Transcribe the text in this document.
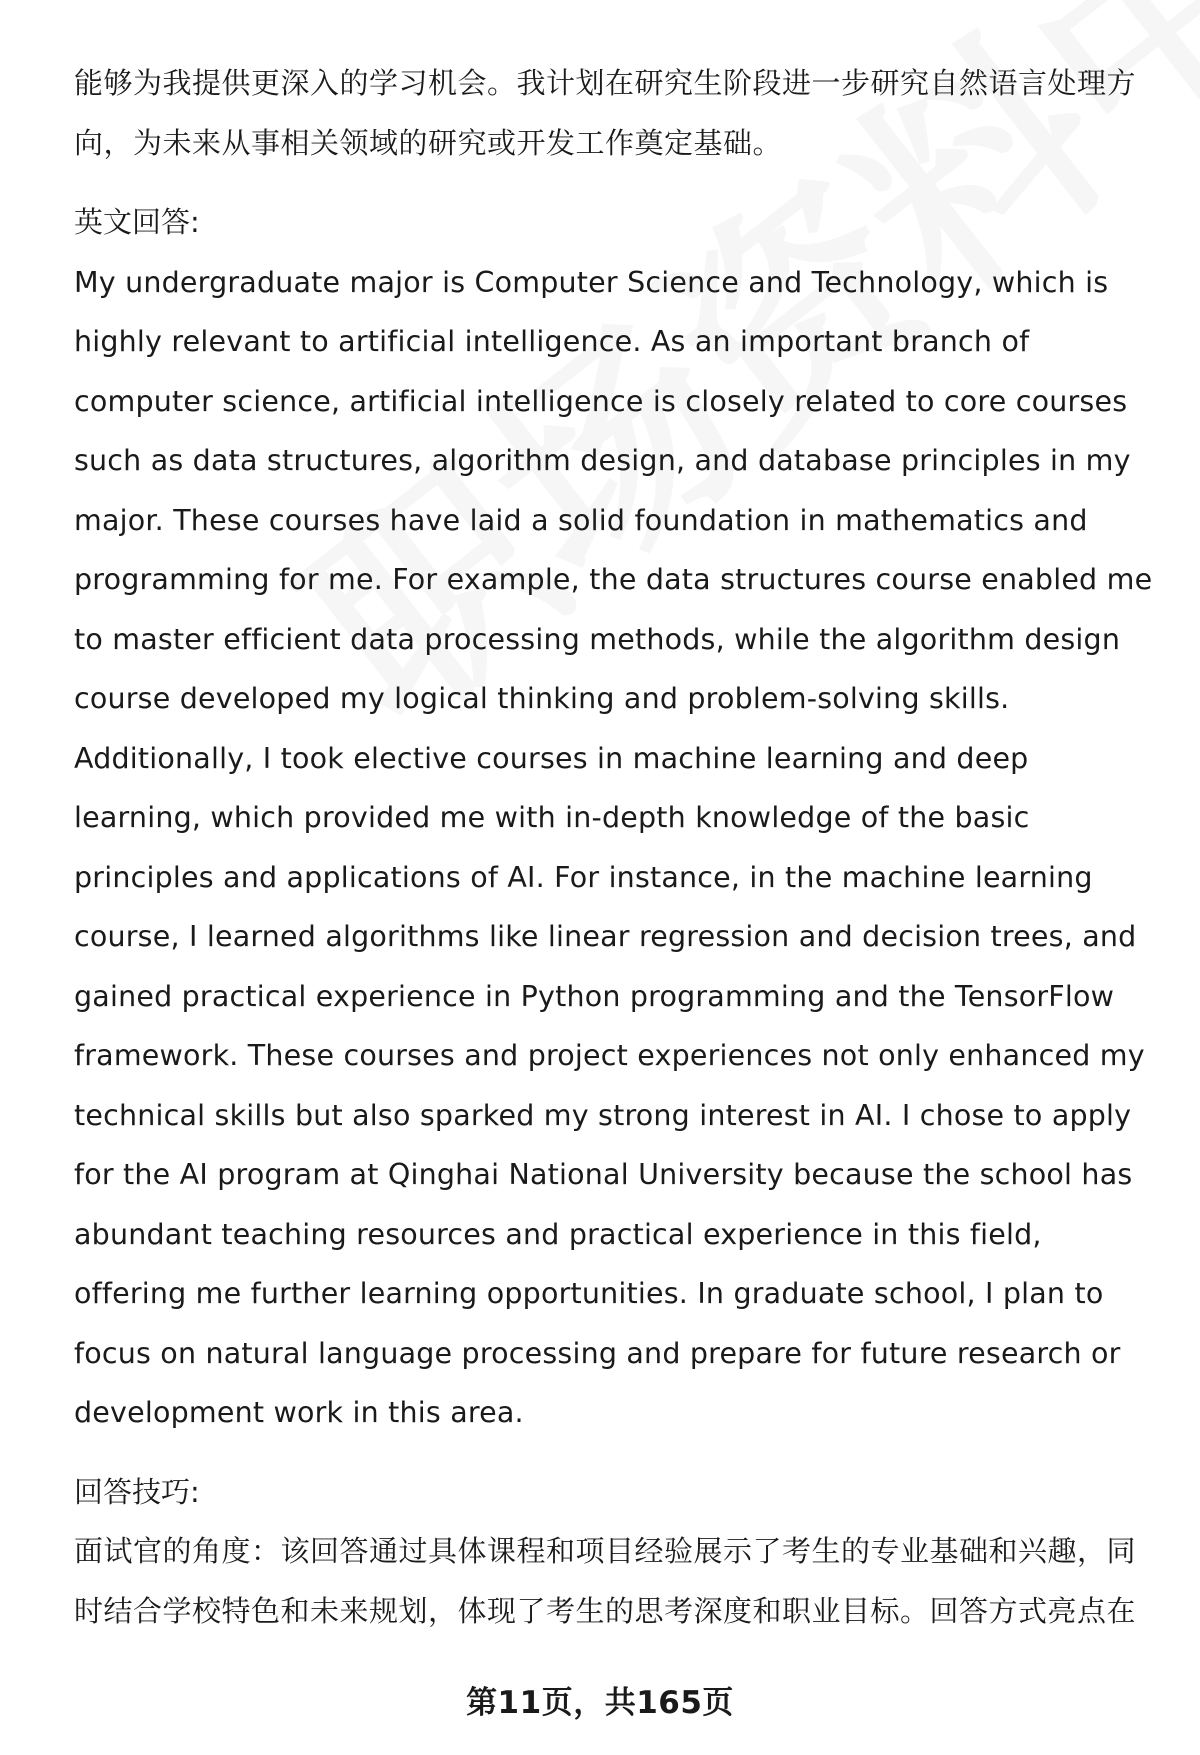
能够为我提供更深入的学习机会。我计划在研究生阶段进一步研究自然语言处理方向，为未来从事相关领域的研究或开发工作奠定基础。

英文回答:

My undergraduate major is Computer Science and Technology, which is highly relevant to artificial intelligence. As an important branch of computer science, artificial intelligence is closely related to core courses such as data structures, algorithm design, and database principles in my major. These courses have laid a solid foundation in mathematics and programming for me. For example, the data structures course enabled me to master efficient data processing methods, while the algorithm design course developed my logical thinking and problem-solving skills. Additionally, I took elective courses in machine learning and deep learning, which provided me with in-depth knowledge of the basic principles and applications of AI. For instance, in the machine learning course, I learned algorithms like linear regression and decision trees, and gained practical experience in Python programming and the TensorFlow framework. These courses and project experiences not only enhanced my technical skills but also sparked my strong interest in AI. I chose to apply for the AI program at Qinghai National University because the school has abundant teaching resources and practical experience in this field, offering me further learning opportunities. In graduate school, I plan to focus on natural language processing and prepare for future research or development work in this area.

回答技巧:

面试官的角度：该回答通过具体课程和项目经验展示了考生的专业基础和兴趣，同时结合学校特色和未来规划，体现了考生的思考深度和职业目标。回答方式亮点在

第11页，共165页
